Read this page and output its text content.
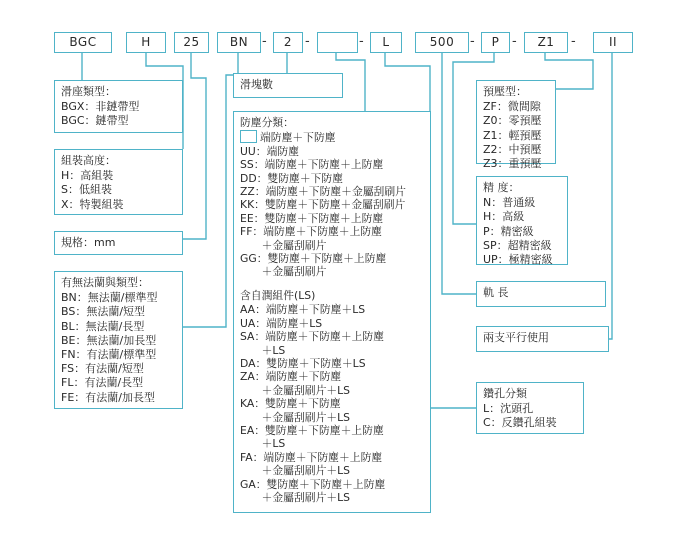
BGC	H	25	BN	-	2 -	-	L	500	-	P -	Z1	-	II
滑座類型：
BGX：非鏈帶型
BGC：鏈帶型
組裝高度：
H：高組裝
S：低組裝
X：特製組裝
規格：mm
有無法蘭與類型：
BN：無法蘭/標準型
BS：無法蘭/短型
BL：無法蘭/長型
BE：無法蘭/加長型
FN：有法蘭/標準型
FS：有法蘭/短型
FL：有法蘭/長型
FE：有法蘭/加長型
滑塊數
防塵分類：
端防塵＋下防塵
UU：端防塵
SS：端防塵＋下防塵＋上防塵
DD：雙防塵＋下防塵
ZZ：端防塵＋下防塵＋金屬刮刷片
KK：雙防塵＋下防塵＋金屬刮刷片
EE：雙防塵＋下防塵＋上防塵
FF：端防塵＋下防塵＋上防塵
　　＋金屬刮刷片
GG：雙防塵＋下防塵＋上防塵
　　＋金屬刮刷片
含自潤組件(LS)
AA：端防塵＋下防塵＋LS
UA：端防塵＋LS
SA：端防塵＋下防塵＋上防塵
　　＋LS
DA：雙防塵＋下防塵＋LS
ZA：端防塵＋下防塵
　　＋金屬刮刷片＋LS
KA：雙防塵＋下防塵
　　＋金屬刮刷片＋LS
EA：雙防塵＋下防塵＋上防塵
　　＋LS
FA：端防塵＋下防塵＋上防塵
　　＋金屬刮刷片＋LS
GA：雙防塵＋下防塵＋上防塵
　　＋金屬刮刷片＋LS
預壓型：
ZF：微間隙
Z0：零預壓
Z1：輕預壓
Z2：中預壓
Z3：重預壓
精 度：
N：普通級
H：高級
P：精密級
SP：超精密級
UP：極精密級
軌 長
兩支平行使用
鑽孔分類
L：沈頭孔
C：反鑽孔組裝
